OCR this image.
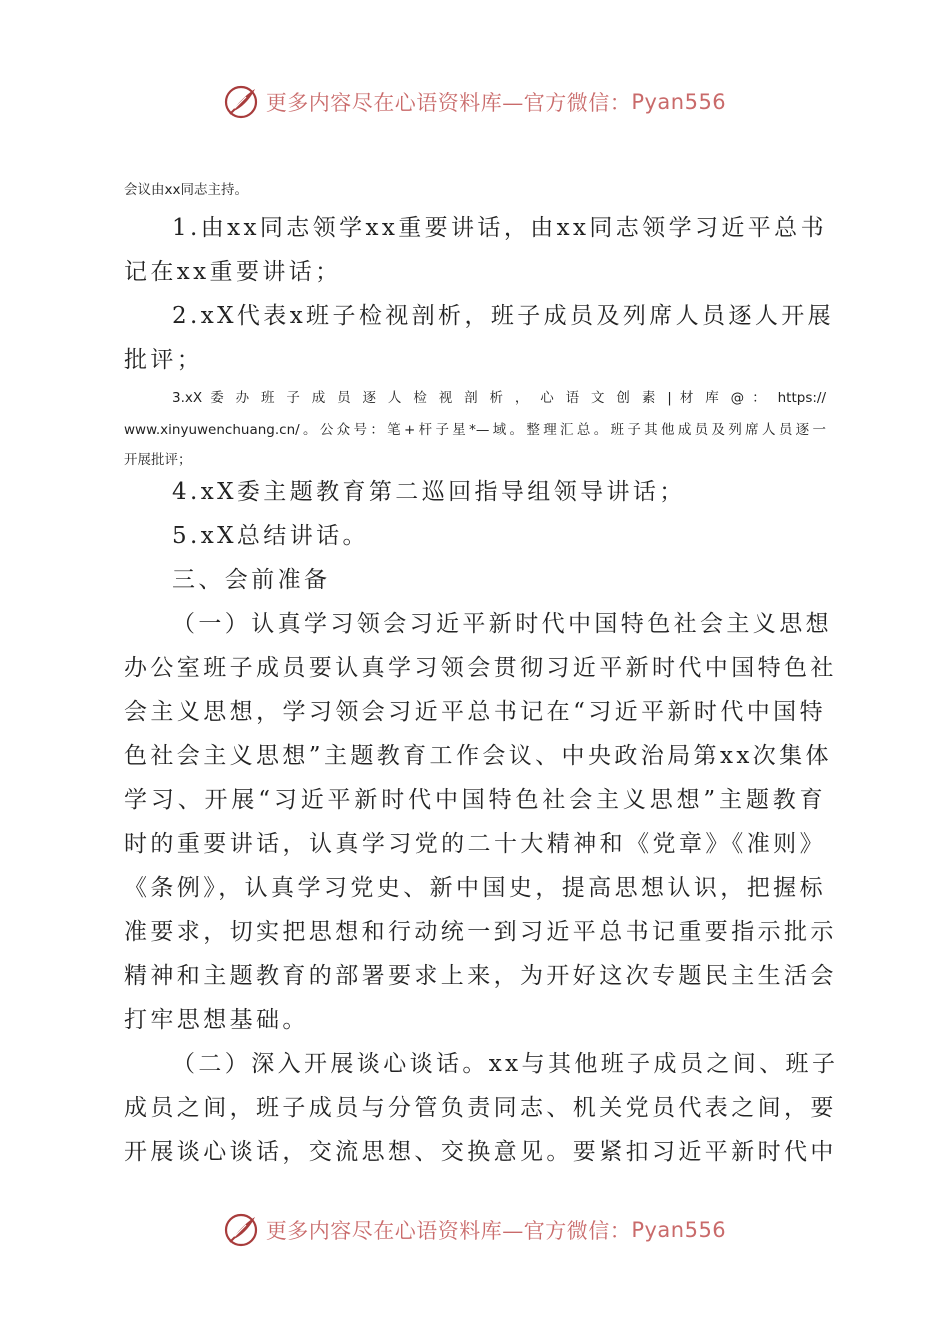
更多内容尽在心语资料库—官方微信： Pyan556
会议由xx同志主持。
1.由xx同志领学xx重要讲话，由xx同志领学习近平总书
记在xx重要讲话；
2.xX代表x班子检视剖析，班子成员及列席人员逐人开展
批评；
3.xX 委 办 班 子 成 员 逐 人 检 视 剖 析 ， 心 语 文 创 素 | 材 库 @ ： https://
www.xinyuwenchuang.cn/。公众号：笔+杆子星*—域。整理汇总。班子其他成员及列席人员逐一
开展批评；
4.xX委主题教育第二巡回指导组领导讲话；
5.xX总结讲话。
三、会前准备
（一）认真学习领会习近平新时代中国特色社会主义思想
办公室班子成员要认真学习领会贯彻习近平新时代中国特色社
会主义思想，学习领会习近平总书记在“习近平新时代中国特
色社会主义思想”主题教育工作会议、中央政治局第xx次集体
学习、开展“习近平新时代中国特色社会主义思想”主题教育
时的重要讲话，认真学习党的二十大精神和《党章》《准则》
《条例》，认真学习党史、新中国史，提高思想认识，把握标
准要求，切实把思想和行动统一到习近平总书记重要指示批示
精神和主题教育的部署要求上来，为开好这次专题民主生活会
打牢思想基础。
（二）深入开展谈心谈话。xx与其他班子成员之间、班子
成员之间，班子成员与分管负责同志、机关党员代表之间，要
开展谈心谈话，交流思想、交换意见。要紧扣习近平新时代中
更多内容尽在心语资料库—官方微信： Pyan556
